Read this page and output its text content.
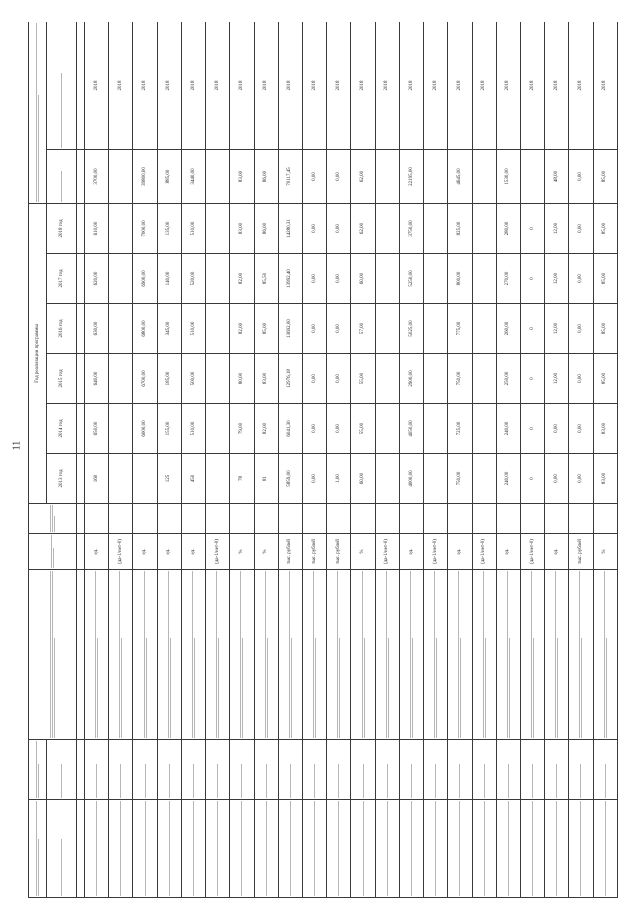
11

	Год реализации программы							

				2013 год	2014 год	2015 год	2016 год	2017 год	2018 год	

	ед.		160	650,00	640,00	630,00	620,00	610,00	3700,00	2018

	(да-1/нет-0)									2018

	ед.			6000,00	6700,00	6800,00	6900,00	7000,00	39800,00	2018

	ед.		125	155,00	185,00	345,00	140,00	135,00	885,00	2018

	ед.		450	510,00	500,00	510,00	520,00	510,00	3440,00	2018

	(да-1/нет-0)									2018

	%		78	79,00	80,00	82,00	82,00	83,00	83,00	2018

	%		81	82,00	83,00	85,00	85,50	86,00	86,00	2018

	тыс. рублей		5859,00	6041,30	12976,18	13692,00	13992,40	14280,31	70117,45	2018

	тыс. рублей		0,00	0,00	0,00	0,00	0,00	0,00	0,00	2018

	тыс. рублей		1,00	0,00	0,00	0,00	0,00	0,00	0,00	2018

	%		60,00	55,00	55,00	57,00	60,00	62,00	62,00	2018

	(да-1/нет-0)									2018

	ед.		4000,00	4050,00	2900,00	5025,00	5250,00	3750,00	22195,00	2018

	(да-1/нет-0)									2018

	ед.		750,00	725,00	750,00	775,00	800,00	825,00	4645,00	2018

	(да-1/нет-0)									2018

	ед.		240,00	240,00	250,00	260,00	270,00	280,00	1530,00	2018

	(да-1/нет-0)		0	0	0	0	0	0		2018

	ед.		0,00	0,00	12,00	12,00	12,00	12,00	48,00	2018

	тыс. рублей		0,00	0,00	0,00	0,00	0,00	0,00	0,00	2018

	%		83,00	83,00	85,00	85,00	85,00	85,00	85,00	2018
